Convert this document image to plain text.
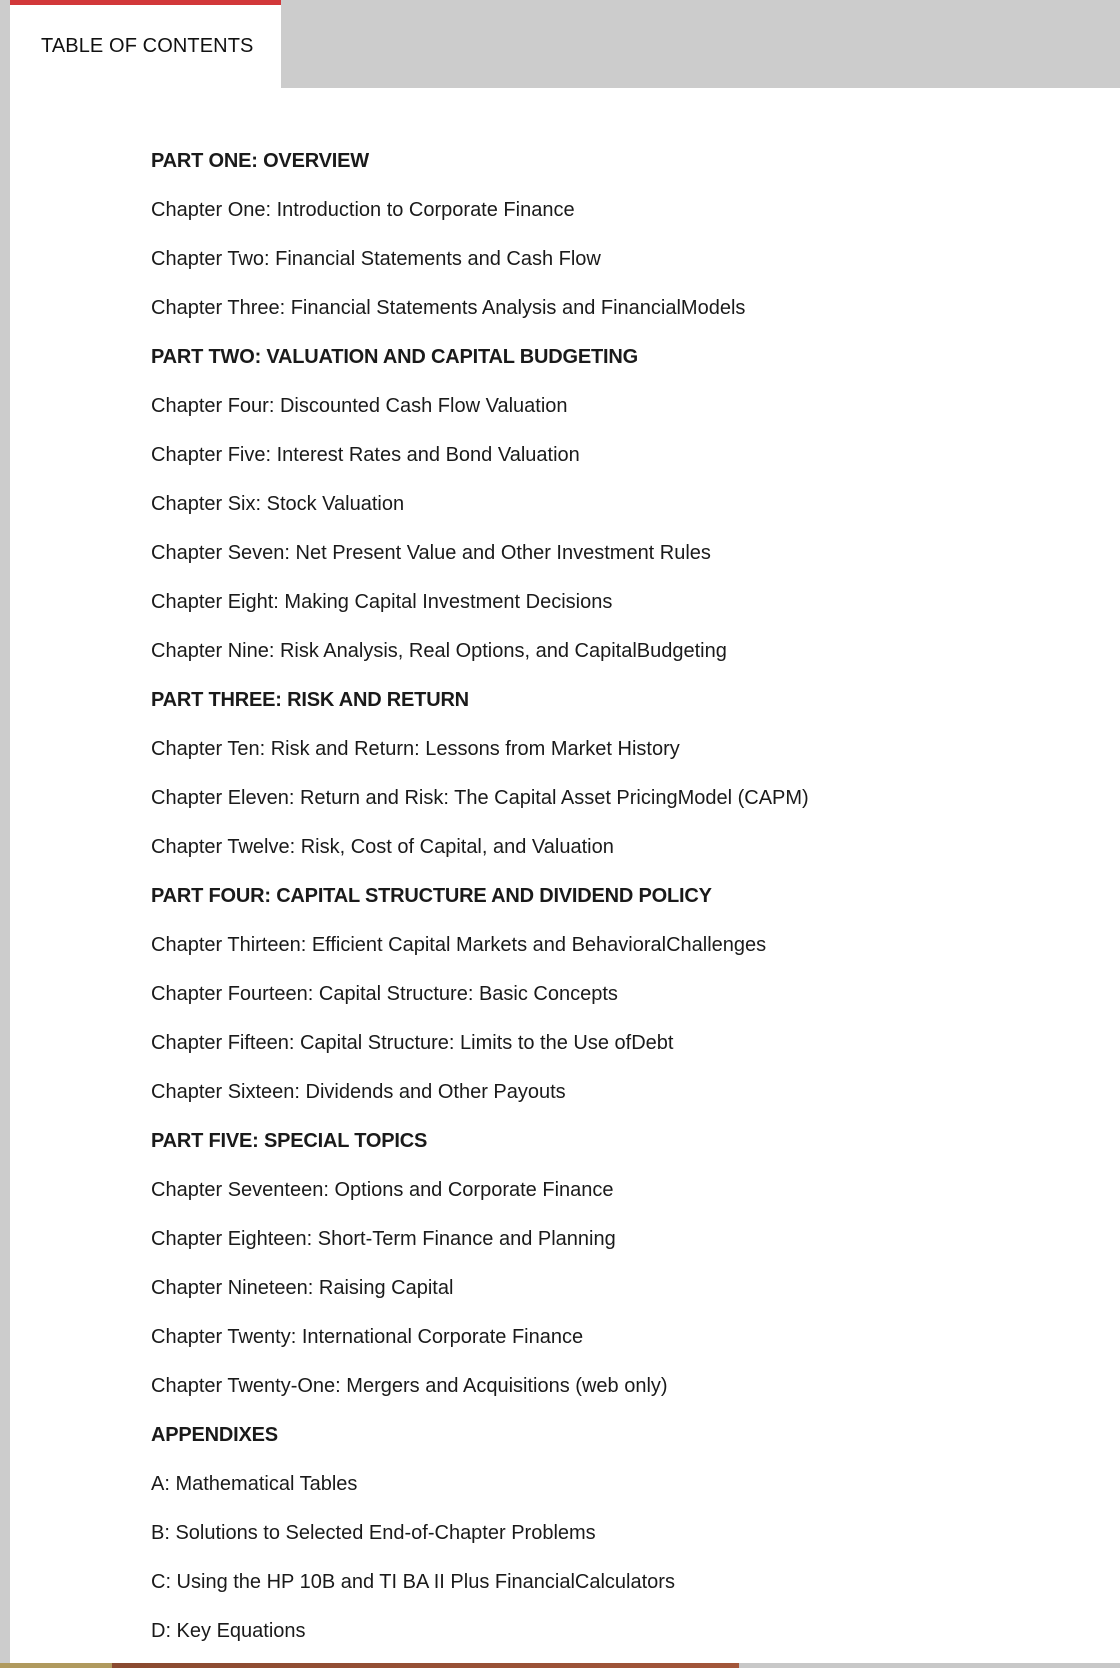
TABLE OF CONTENTS
PART ONE: OVERVIEW
Chapter One: Introduction to Corporate Finance
Chapter Two: Financial Statements and Cash Flow
Chapter Three: Financial Statements Analysis and FinancialModels
PART TWO: VALUATION AND CAPITAL BUDGETING
Chapter Four: Discounted Cash Flow Valuation
Chapter Five: Interest Rates and Bond Valuation
Chapter Six: Stock Valuation
Chapter Seven: Net Present Value and Other Investment Rules
Chapter Eight: Making Capital Investment Decisions
Chapter Nine: Risk Analysis, Real Options, and CapitalBudgeting
PART THREE: RISK AND RETURN
Chapter Ten: Risk and Return: Lessons from Market History
Chapter Eleven: Return and Risk: The Capital Asset PricingModel (CAPM)
Chapter Twelve: Risk, Cost of Capital, and Valuation
PART FOUR: CAPITAL STRUCTURE AND DIVIDEND POLICY
Chapter Thirteen: Efficient Capital Markets and BehavioralChallenges
Chapter Fourteen: Capital Structure: Basic Concepts
Chapter Fifteen: Capital Structure: Limits to the Use ofDebt
Chapter Sixteen: Dividends and Other Payouts
PART FIVE: SPECIAL TOPICS
Chapter Seventeen: Options and Corporate Finance
Chapter Eighteen: Short-Term Finance and Planning
Chapter Nineteen: Raising Capital
Chapter Twenty: International Corporate Finance
Chapter Twenty-One: Mergers and Acquisitions (web only)
APPENDIXES
A: Mathematical Tables
B: Solutions to Selected End-of-Chapter Problems
C: Using the HP 10B and TI BA II Plus FinancialCalculators
D: Key Equations
